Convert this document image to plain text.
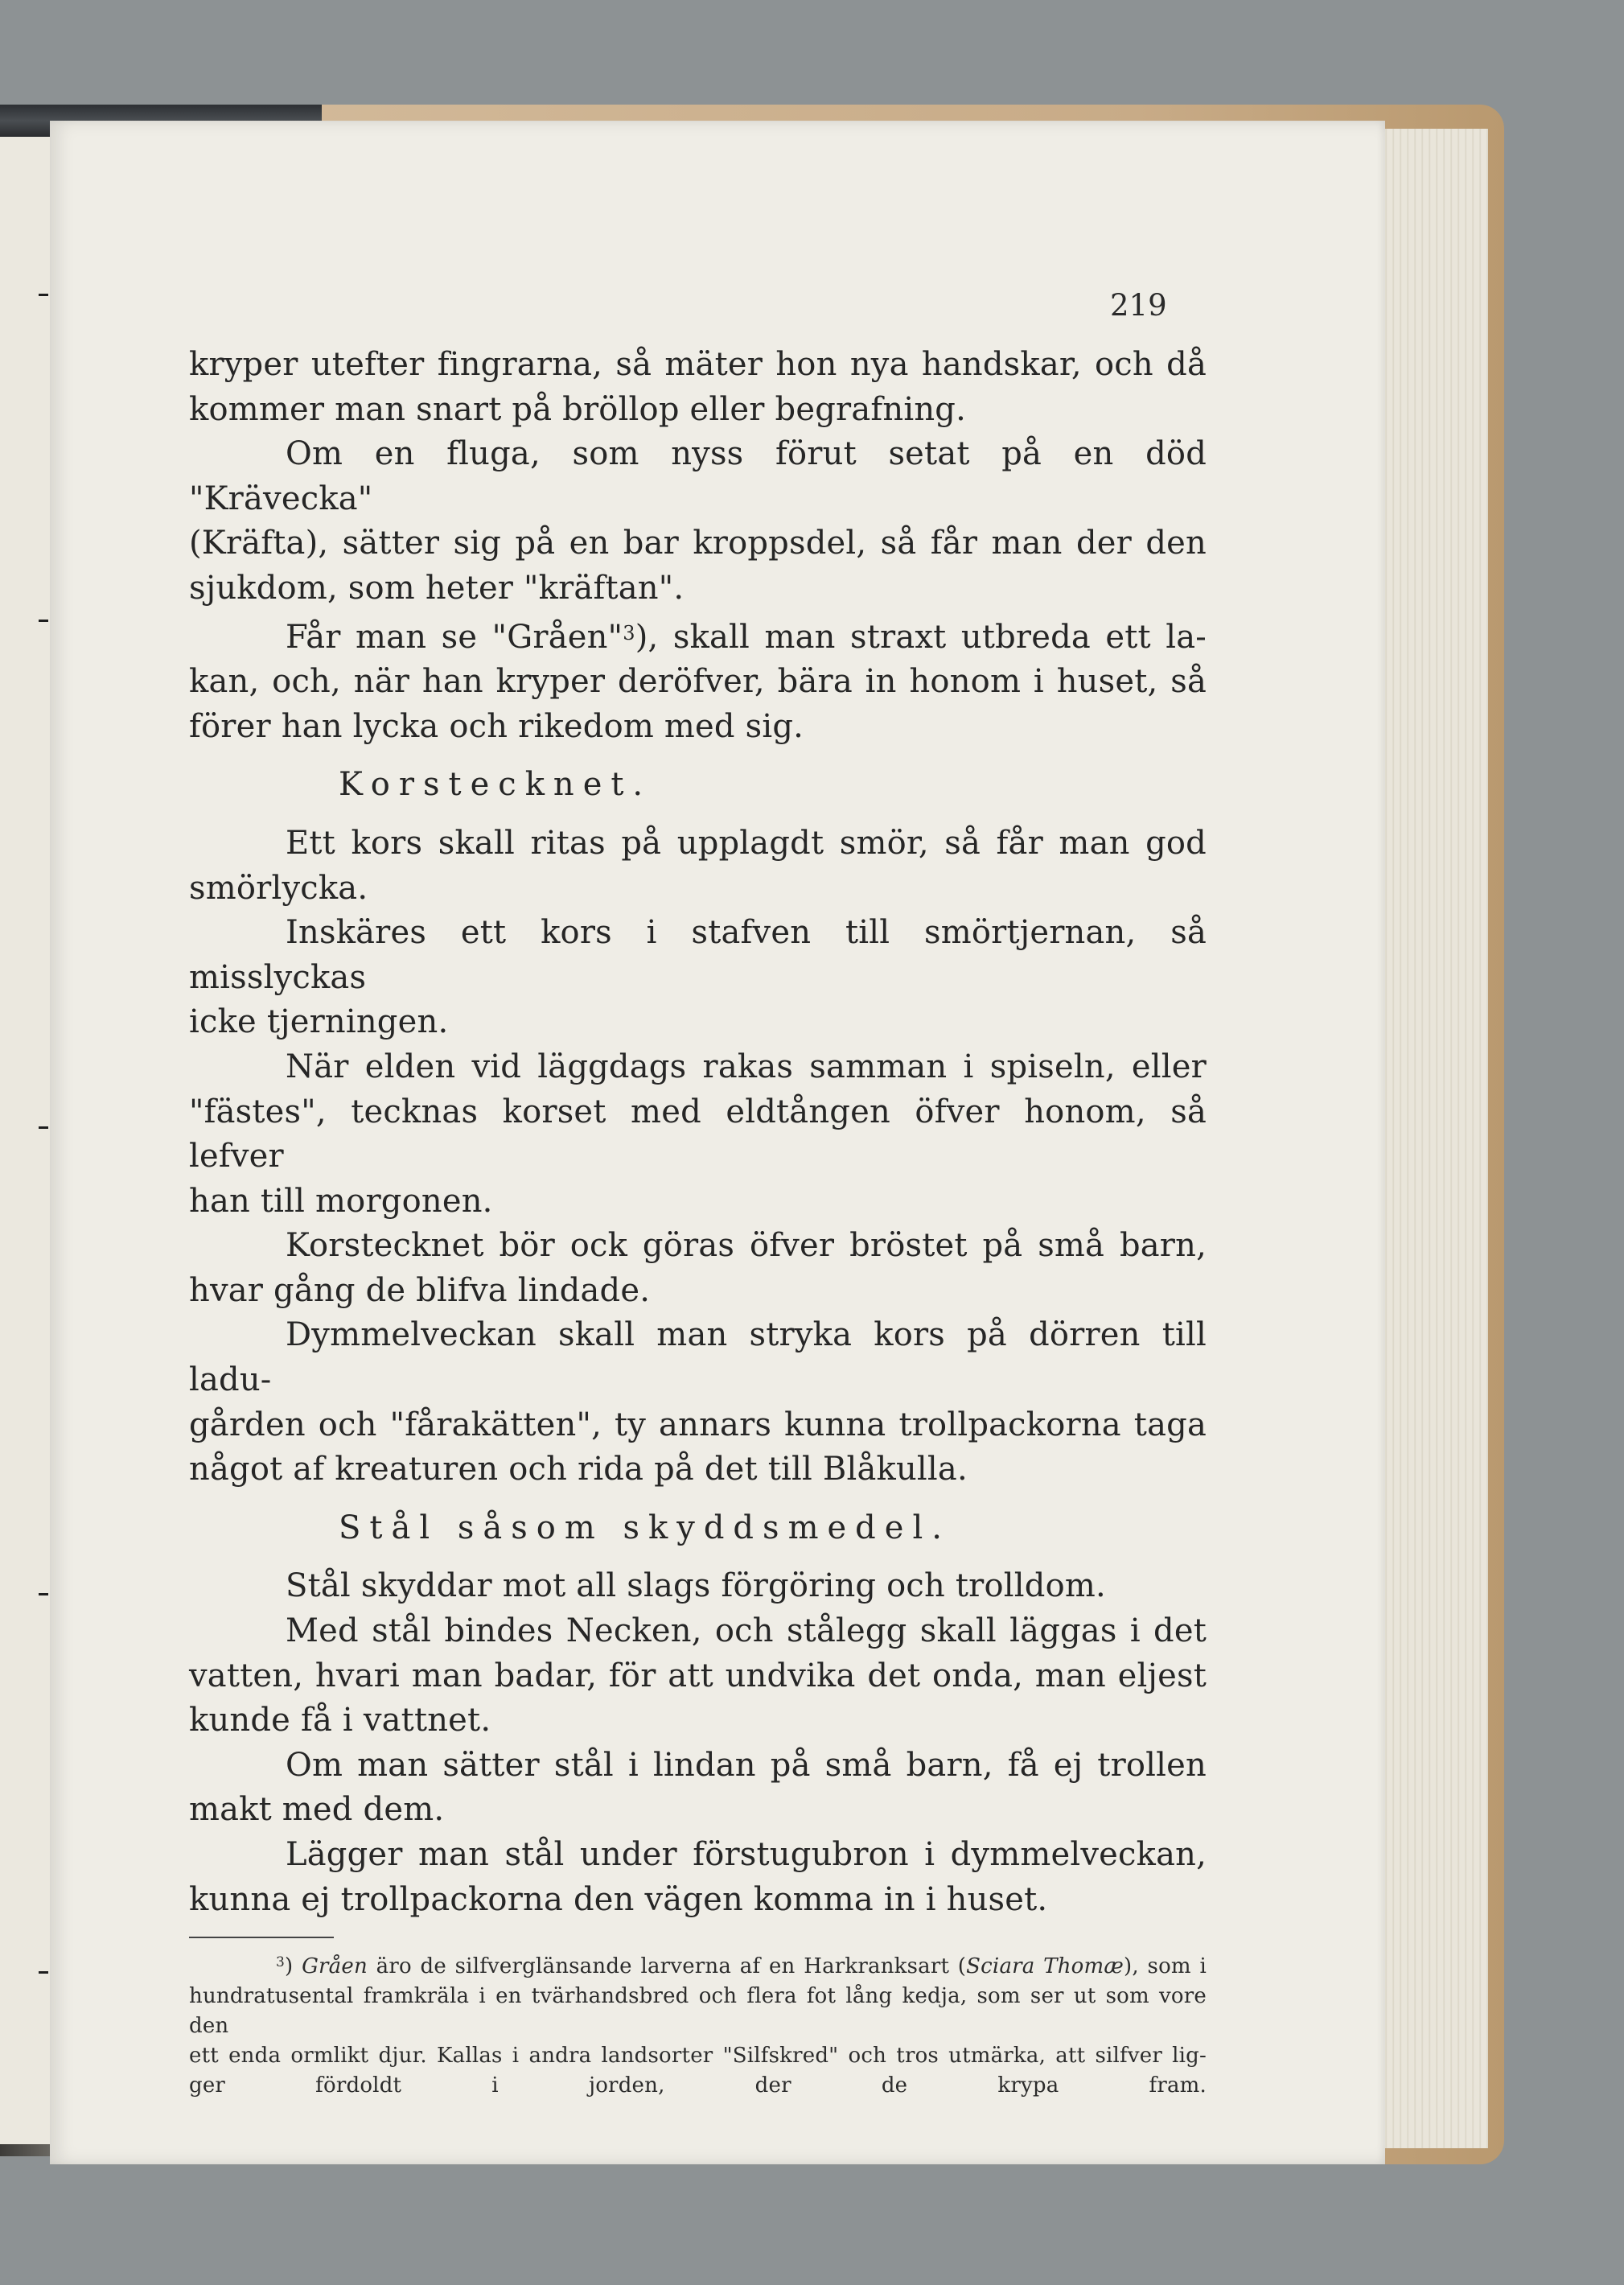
219

kryper utefter fingrarna, så mäter hon nya handskar, och då

kommer man snart på bröllop eller begrafning.

Om en fluga, som nyss förut setat på en död "Krävecka"

(Kräfta), sätter sig på en bar kroppsdel, så får man der den

sjukdom, som heter "kräftan".

Får man se "Gråen"$^3$), skall man straxt utbreda ett la-

kan, och, när han kryper deröfver, bära in honom i huset, så

förer han lycka och rikedom med sig.

Korstecknet.

Ett kors skall ritas på upplagdt smör, så får man god

smörlycka.

Inskäres ett kors i stafven till smörtjernan, så misslyckas

icke tjerningen.

När elden vid läggdags rakas samman i spiseln, eller

"fästes", tecknas korset med eldtången öfver honom, så lefver

han till morgonen.

Korstecknet bör ock göras öfver bröstet på små barn,

hvar gång de blifva lindade.

Dymmelveckan skall man stryka kors på dörren till ladu-

gården och "fårakätten", ty annars kunna trollpackorna taga

något af kreaturen och rida på det till Blåkulla.

Stål såsom skyddsmedel.

Stål skyddar mot all slags förgöring och trolldom.

Med stål bindes Necken, och stålegg skall läggas i det

vatten, hvari man badar, för att undvika det onda, man eljest

kunde få i vattnet.

Om man sätter stål i lindan på små barn, få ej trollen

makt med dem.

Lägger man stål under förstugubron i dymmelveckan,

kunna ej trollpackorna den vägen komma in i huset.

$^3$) Gråen äro de silfverglänsande larverna af en Harkranksart (Sciara Thomæ), som i

hundratusental framkräla i en tvärhandsbred och flera fot lång kedja, som ser ut som vore den

ett enda ormlikt djur. Kallas i andra landsorter "Silfskred" och tros utmärka, att silfver lig-

ger fördoldt i jorden, der de krypa fram.
